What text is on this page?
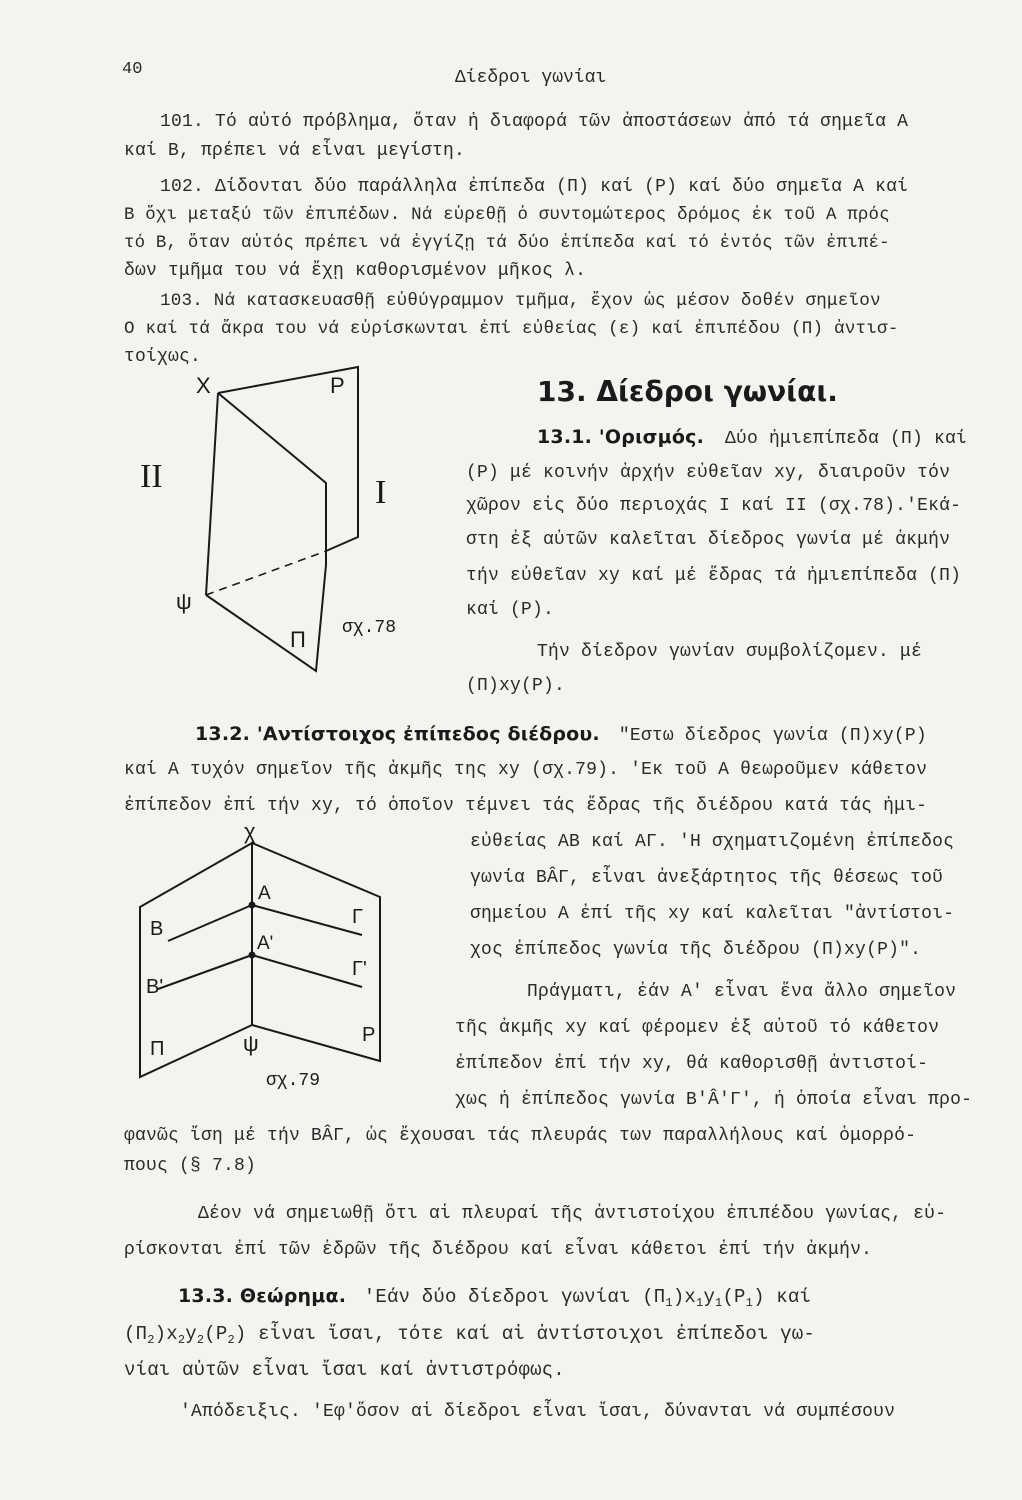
40	Δίεδροι γωνίαι
101. Τό αὐτό πρόβλημα, ὅταν ἡ διαφορά τῶν ἀποστάσεων ἀπό τά σημεῖα A
καί B, πρέπει νά εἶναι μεγίστη.
102. Δίδονται δύο παράλληλα ἐπίπεδα (Π) καί (P) καί δύο σημεῖα A καί
B ὄχι μεταξύ τῶν ἐπιπέδων. Νά εὑρεθῇ ὁ συντομώτερος δρόμος ἐκ τοῦ A πρός
τό B, ὅταν αὐτός πρέπει νά ἐγγίζῃ τά δύο ἐπίπεδα καί τό ἐντός τῶν ἐπιπέ-
δων τμῆμα του νά ἔχῃ καθορισμένον μῆκος λ.
103. Νά κατασκευασθῇ εὐθύγραμμον τμῆμα, ἔχον ὡς μέσον δοθέν σημεῖον
O καί τά ἄκρα του νά εὑρίσκωνται ἐπί εὐθείας (ε) καί ἐπιπέδου (Π) ἀντισ-
τοίχως.
X	P
II	I
ψ
Π σχ.78
13. Δίεδροι γωνίαι.
13.1. 'Ορισμός. Δύο ἡμιεπίπεδα (Π) καί
(P) μέ κοινήν ἀρχήν εὐθεῖαν xy, διαιροῦν τόν
χῶρον εἰς δύο περιοχάς I καί II (σχ.78).'Εκά-
στη ἐξ αὐτῶν καλεῖται δίεδρος γωνία μέ ἀκμήν
τήν εὐθεῖαν xy καί μέ ἕδρας τά ἡμιεπίπεδα (Π)
καί (P).
Τήν δίεδρον γωνίαν συμβολίζομεν. μέ
(Π)xy(P).
13.2. 'Αντίστοιχος ἐπίπεδος διέδρου. "Εστω δίεδρος γωνία (Π)xy(P)
καί A τυχόν σημεῖον τῆς ἀκμῆς της xy (σχ.79). 'Εκ τοῦ A θεωροῦμεν κάθετον
ἐπίπεδον ἐπί τήν xy, τό ὁποῖον τέμνει τάς ἕδρας τῆς διέδρου κατά τάς ἡμι-
εὐθείας AB καί AΓ. 'H σχηματιζομένη ἐπίπεδος
γωνία BÂΓ, εἶναι ἀνεξάρτητος τῆς θέσεως τοῦ
σημείου A ἐπί τῆς xy καί καλεῖται "ἀντίστοι-
χος ἐπίπεδος γωνία τῆς διέδρου (Π)xy(P)".
Πράγματι, ἐάν A' εἶναι ἕνα ἄλλο σημεῖον
τῆς ἀκμῆς xy καί φέρομεν ἐξ αὐτοῦ τό κάθετον
ἐπίπεδον ἐπί τήν xy, θά καθορισθῇ ἀντιστοί-
χως ἡ ἐπίπεδος γωνία B'Â'Γ', ἡ ὁποία εἶναι προ-
χ
A
A'
B
B'
Γ
Γ'
Π
P
ψ
σχ.79
φανῶς ἴση μέ τήν BÂΓ, ὡς ἔχουσαι τάς πλευράς των παραλλήλους καί ὁμορρό-
πους (§ 7.8)
Δέον νά σημειωθῇ ὅτι αἱ πλευραί τῆς ἀντιστοίχου ἐπιπέδου γωνίας, εὑ-
ρίσκονται ἐπί τῶν ἑδρῶν τῆς διέδρου καί εἶναι κάθετοι ἐπί τήν ἀκμήν.
13.3. Θεώρημα. 'Εάν δύο δίεδροι γωνίαι $(\Pi_1)x_1y_1(P_1)$ καί
$(\Pi_2)x_2y_2(P_2)$ εἶναι ἴσαι, τότε καί αἱ ἀντίστοιχοι ἐπίπεδοι γω-
νίαι αὐτῶν εἶναι ἴσαι καί ἀντιστρόφως.
'Απόδειξις. 'Εφ'ὅσον αἱ δίεδροι εἶναι ἴσαι, δύνανται νά συμπέσουν
